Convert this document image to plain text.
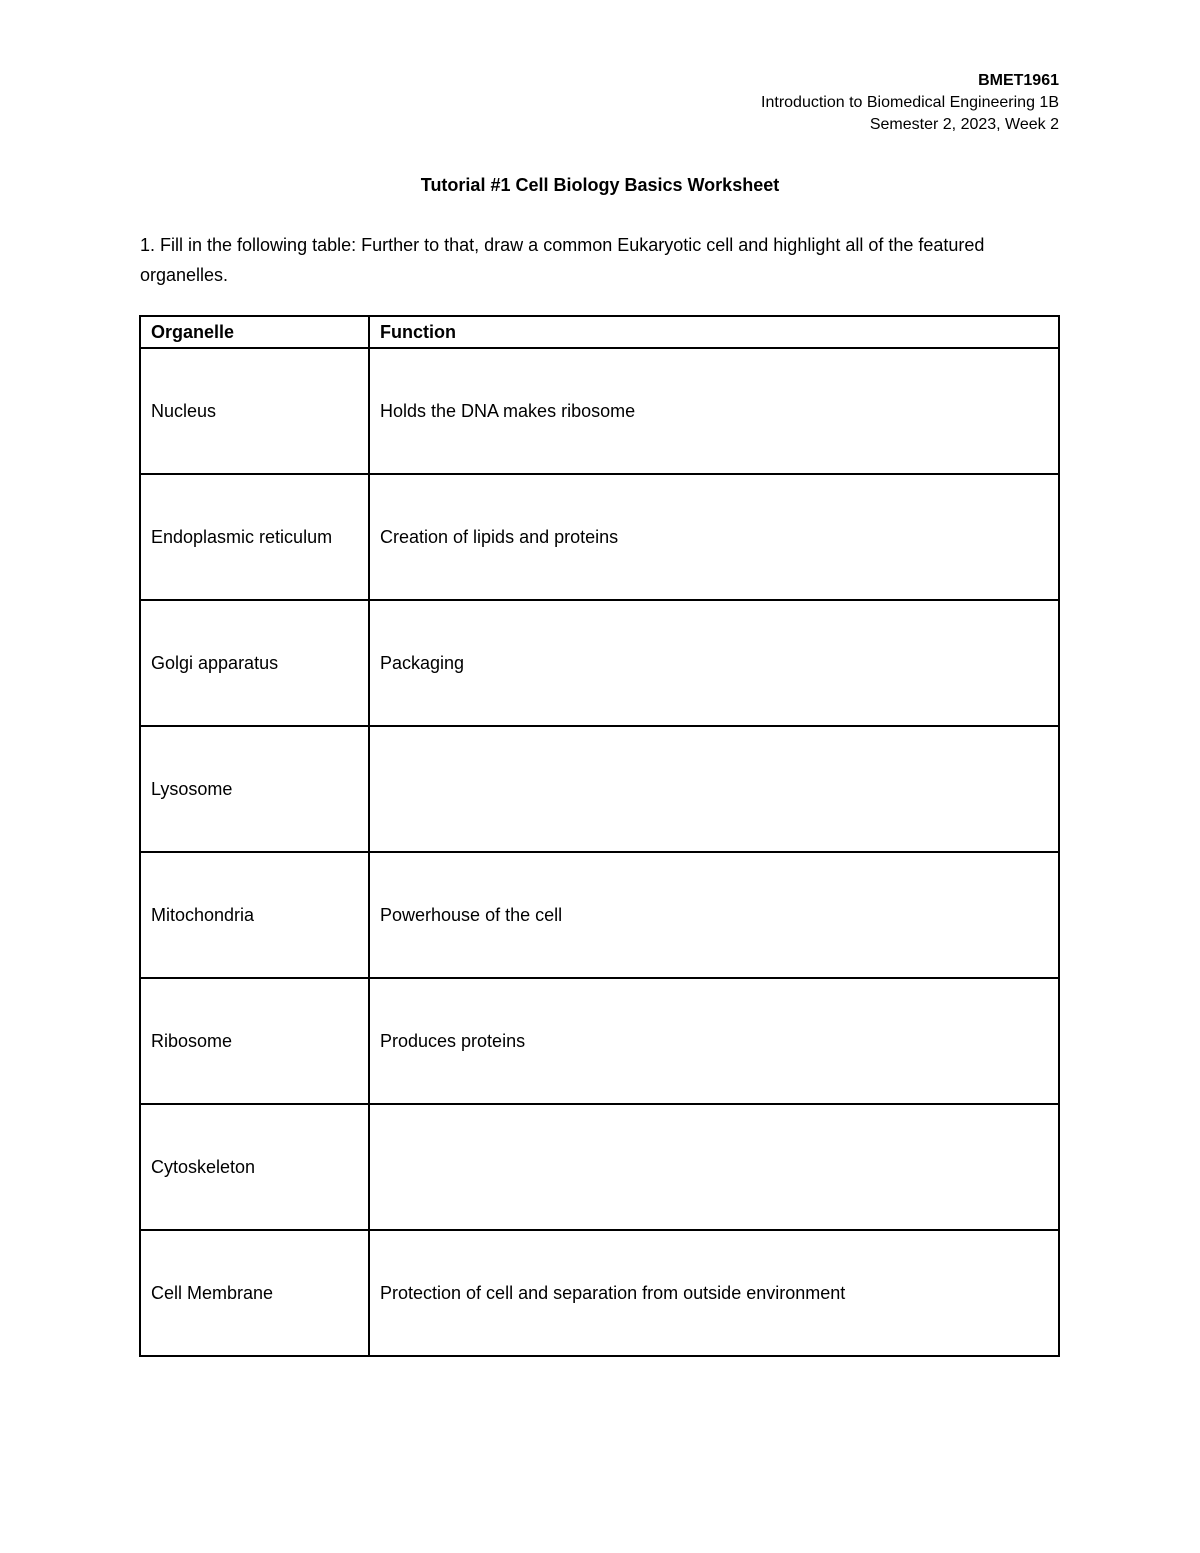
BMET1961
Introduction to Biomedical Engineering 1B
Semester 2, 2023, Week 2
Tutorial #1 Cell Biology Basics Worksheet
1. Fill in the following table: Further to that, draw a common Eukaryotic cell and highlight all of the featured organelles.
Organelle	Function
Nucleus	Holds the DNA makes ribosome
Endoplasmic reticulum	Creation of lipids and proteins
Golgi apparatus	Packaging
Lysosome	
Mitochondria	Powerhouse of the cell
Ribosome	Produces proteins
Cytoskeleton	
Cell Membrane	Protection of cell and separation from outside environment
